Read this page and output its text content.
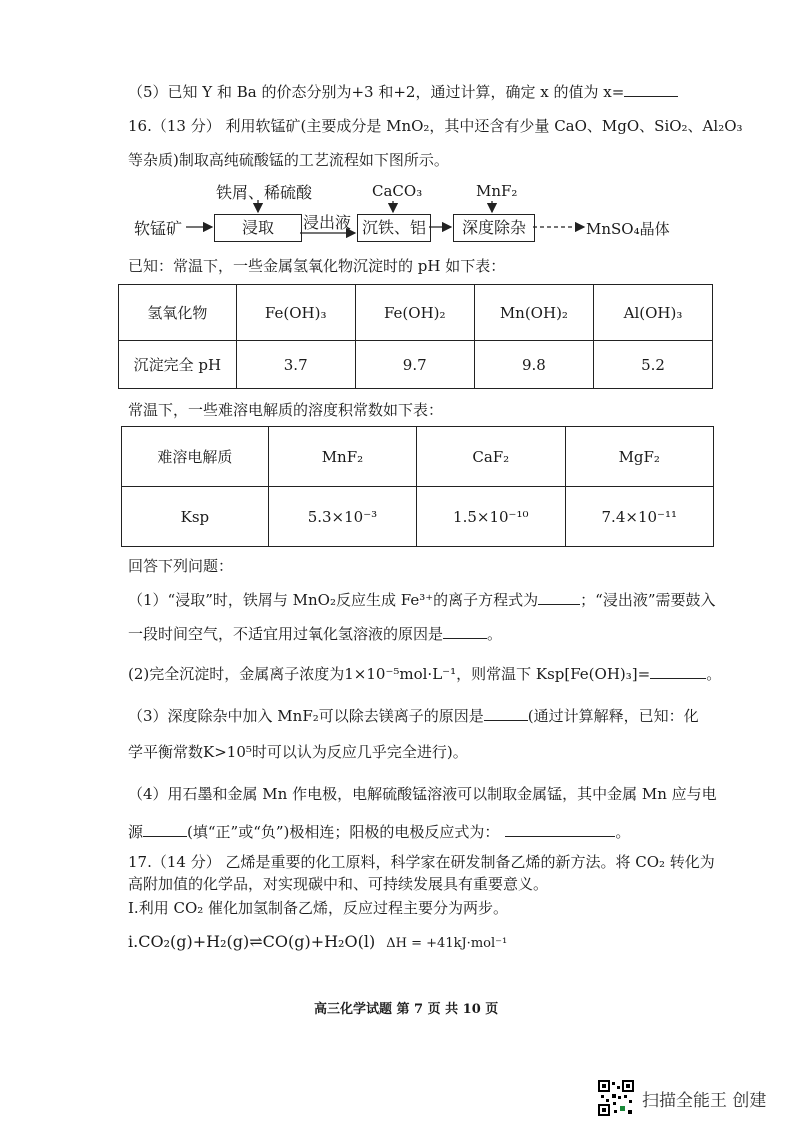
（5）已知 Y 和 Ba 的价态分别为+3 和+2，通过计算，确定 x 的值为 x=
16.（13 分） 利用软锰矿(主要成分是 MnO₂，其中还含有少量 CaO、MgO、SiO₂、Al₂O₃
等杂质)制取高纯硫酸锰的工艺流程如下图所示。
铁屑、稀硫酸	CaCO₃	MnF₂
软锰矿	浸取	浸出液 沉铁、铝	深度除杂	MnSO₄晶体
已知：常温下，一些金属氢氧化物沉淀时的 pH 如下表：
氢氧化物	Fe(OH)₃	Fe(OH)₂	Mn(OH)₂	Al(OH)₃
沉淀完全 pH	3.7	9.7	9.8	5.2
常温下，一些难溶电解质的溶度积常数如下表：
难溶电解质	MnF₂	CaF₂	MgF₂
Ksp	5.3×10⁻³	1.5×10⁻¹⁰	7.4×10⁻¹¹
回答下列问题：
（1）“浸取”时，铁屑与 MnO₂反应生成 Fe³⁺的离子方程式为	；“浸出液”需要鼓入
一段时间空气，不适宜用过氧化氢溶液的原因是	。
(2)完全沉淀时，金属离子浓度为1×10⁻⁵mol·L⁻¹，则常温下 Ksp[Fe(OH)₃]=	。
（3）深度除杂中加入 MnF₂可以除去镁离子的原因是	(通过计算解释，已知：化
学平衡常数K>10⁵时可以认为反应几乎完全进行)。
（4）用石墨和金属 Mn 作电极，电解硫酸锰溶液可以制取金属锰，其中金属 Mn 应与电
源	(填“正”或“负”)极相连；阳极的电极反应式为：	。
17.（14 分） 乙烯是重要的化工原料，科学家在研发制备乙烯的新方法。将 CO₂ 转化为
高附加值的化学品，对实现碳中和、可持续发展具有重要意义。
Ⅰ.利用 CO₂ 催化加氢制备乙烯，反应过程主要分为两步。
ⅰ.CO₂(g)+H₂(g)⇌CO(g)+H₂O(l) ΔH = +41kJ·mol⁻¹
高三化学试题 第 7 页 共 10 页
扫描全能王 创建
